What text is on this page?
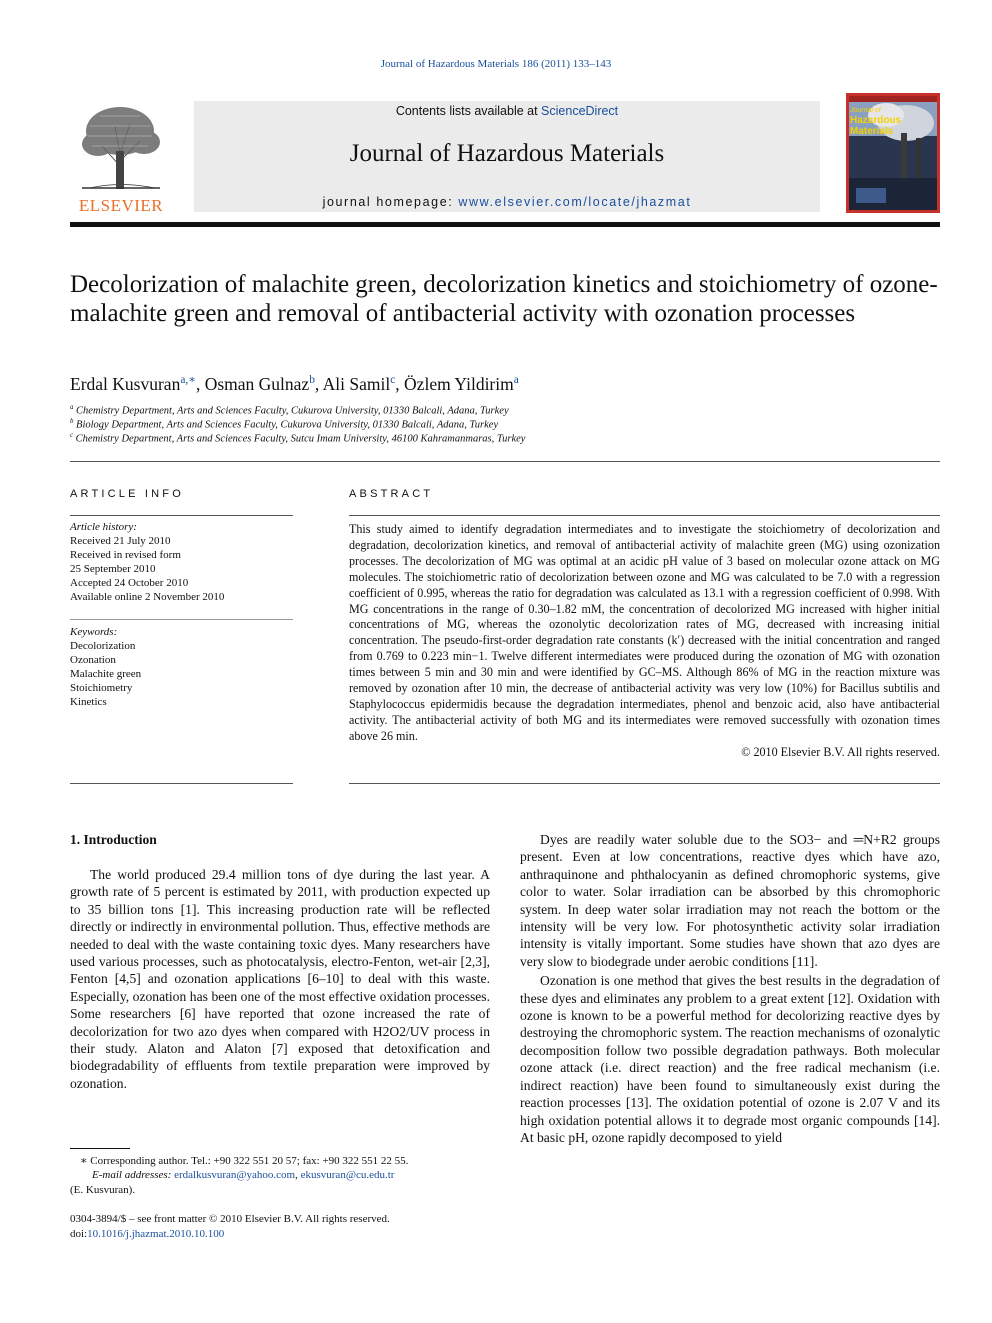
Journal of Hazardous Materials 186 (2011) 133–143
ELSEVIER
Contents lists available at ScienceDirect
Journal of Hazardous Materials
journal homepage: www.elsevier.com/locate/jhazmat
Journal of
Hazardous
Materials
Decolorization of malachite green, decolorization kinetics and stoichiometry of ozone-malachite green and removal of antibacterial activity with ozonation processes
Erdal Kusvuran$^{a,∗}$, Osman Gulnaz$^b$, Ali Samil$^c$, Özlem Yildirim$^a$
$^a$ Chemistry Department, Arts and Sciences Faculty, Cukurova University, 01330 Balcali, Adana, Turkey
$^b$ Biology Department, Arts and Sciences Faculty, Cukurova University, 01330 Balcali, Adana, Turkey
$^c$ Chemistry Department, Arts and Sciences Faculty, Sutcu Imam University, 46100 Kahramanmaras, Turkey
ARTICLE INFO
Article history:
Received 21 July 2010
Received in revised form
25 September 2010
Accepted 24 October 2010
Available online 2 November 2010
Keywords:
Decolorization
Ozonation
Malachite green
Stoichiometry
Kinetics
ABSTRACT
This study aimed to identify degradation intermediates and to investigate the stoichiometry of decolorization and degradation, decolorization kinetics, and removal of antibacterial activity of malachite green (MG) using ozonization processes. The decolorization of MG was optimal at an acidic pH value of 3 based on molecular ozone attack on MG molecules. The stoichiometric ratio of decolorization between ozone and MG was calculated to be 7.0 with a regression coefficient of 0.995, whereas the ratio for degradation was calculated as 13.1 with a regression coefficient of 0.998. With MG concentrations in the range of 0.30–1.82 mM, the concentration of decolorized MG increased with higher initial concentrations of MG, whereas the ozonolytic decolorization rates of MG, decreased with increasing initial concentration. The pseudo-first-order degradation rate constants (k′) decreased with the initial concentration and ranged from 0.769 to 0.223 min−1. Twelve different intermediates were produced during the ozonation of MG with ozonation times between 5 min and 30 min and were identified by GC–MS. Although 86% of MG in the reaction mixture was removed by ozonation after 10 min, the decrease of antibacterial activity was very low (10%) for Bacillus subtilis and Staphylococcus epidermidis because the degradation intermediates, phenol and benzoic acid, also have antibacterial activity. The antibacterial activity of both MG and its intermediates were removed successfully with ozonation times above 26 min.
© 2010 Elsevier B.V. All rights reserved.
1. Introduction

The world produced 29.4 million tons of dye during the last year. A growth rate of 5 percent is estimated by 2011, with production expected up to 35 billion tons [1]. This increasing production rate will be reflected directly or indirectly in environmental pollution. Thus, effective methods are needed to deal with the waste containing toxic dyes. Many researchers have used various processes, such as photocatalysis, electro-Fenton, wet-air [2,3], Fenton [4,5] and ozonation applications [6–10] to deal with this waste. Especially, ozonation has been one of the most effective oxidation processes. Some researchers [6] have reported that ozone increased the rate of decolorization for two azo dyes when compared with H2O2/UV process in their study. Alaton and Alaton [7] exposed that detoxification and biodegradability of effluents from textile preparation were improved by ozonation.

Dyes are readily water soluble due to the SO3− and ═N+R2 groups present. Even at low concentrations, reactive dyes which have azo, anthraquinone and phthalocyanin as defined chromophoric systems, give color to water. Solar irradiation can be absorbed by this chromophoric system. In deep water solar irradiation may not reach the bottom or the intensity will be very low. For photosynthetic activity solar irradiation intensity is vitally important. Some studies have shown that azo dyes are very slow to biodegrade under aerobic conditions [11].

Ozonation is one method that gives the best results in the degradation of these dyes and eliminates any problem to a great extent [12]. Oxidation with ozone is known to be a powerful method for decolorizing reactive dyes by destroying the chromophoric system. The reaction mechanisms of ozonalytic decomposition follow two possible degradation pathways. Both molecular ozone attack (i.e. direct reaction) and the free radical mechanism (i.e. indirect reaction) have been found to simultaneously exist during the reaction processes [13]. The oxidation potential of ozone is 2.07 V and its high oxidation potential allows it to degrade most organic compounds [14]. At basic pH, ozone rapidly decomposed to yield

∗ Corresponding author. Tel.: +90 322 551 20 57; fax: +90 322 551 22 55.
E-mail addresses: erdalkusvuran@yahoo.com, ekusvuran@cu.edu.tr
(E. Kusvuran).
0304-3894/$ – see front matter © 2010 Elsevier B.V. All rights reserved.
doi:10.1016/j.jhazmat.2010.10.100
